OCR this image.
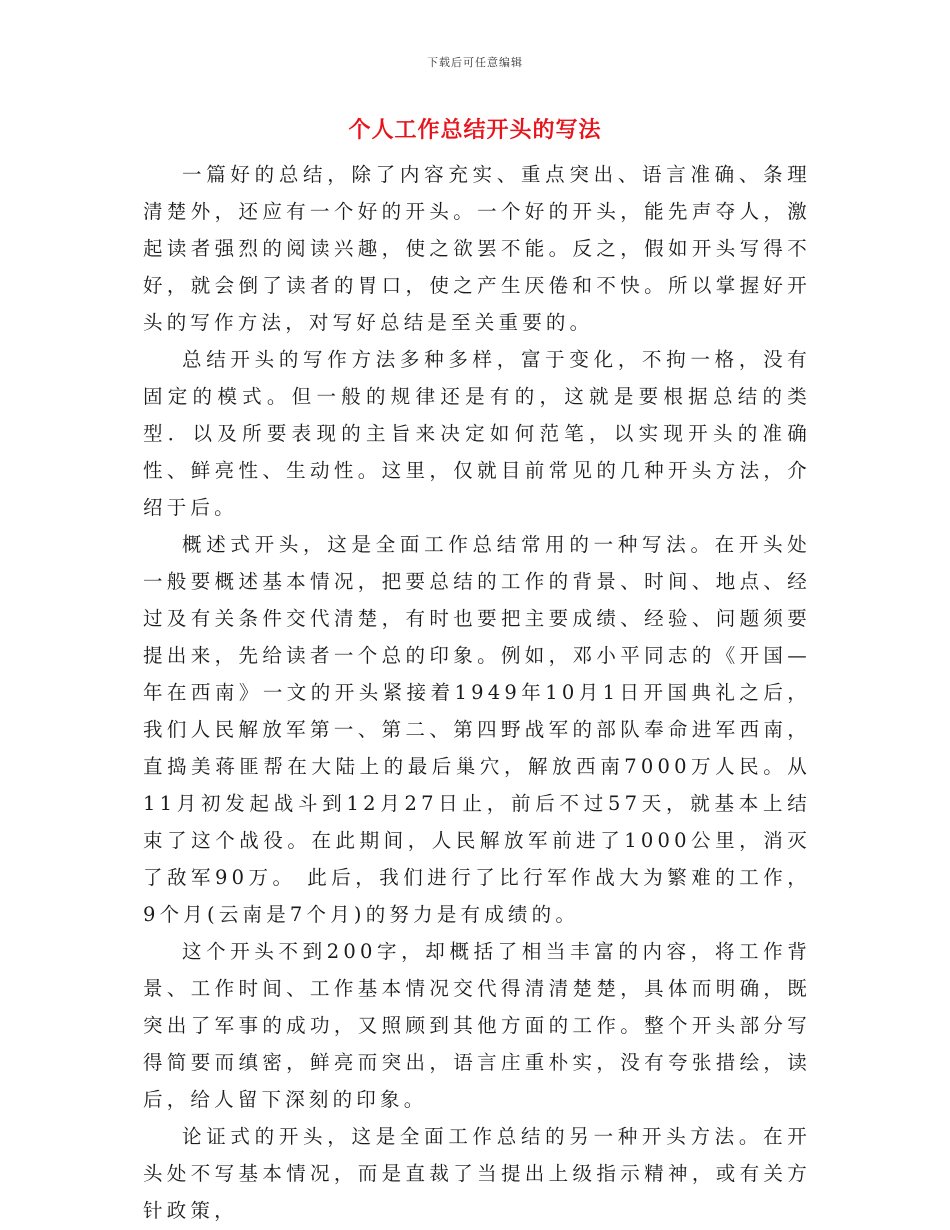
下载后可任意编辑
个人工作总结开头的写法

一篇好的总结，除了内容充实、重点突出、语言准确、条理清楚外，还应有一个好的开头。一个好的开头，能先声夺人，激起读者强烈的阅读兴趣，使之欲罢不能。反之，假如开头写得不好，就会倒了读者的胃口，使之产生厌倦和不快。所以掌握好开头的写作方法，对写好总结是至关重要的。

总结开头的写作方法多种多样，富于变化，不拘一格，没有固定的模式。但一般的规律还是有的，这就是要根据总结的类型．以及所要表现的主旨来决定如何范笔，以实现开头的准确性、鲜亮性、生动性。这里，仅就目前常见的几种开头方法，介绍于后。

概述式开头，这是全面工作总结常用的一种写法。在开头处一般要概述基本情况，把要总结的工作的背景、时间、地点、经过及有关条件交代清楚，有时也要把主要成绩、经验、问题须要提出来，先给读者一个总的印象。例如，邓小平同志的《开国—年在西南》一文的开头紧接着1949年10月1日开国典礼之后，我们人民解放军第一、第二、第四野战军的部队奉命进军西南，直捣美蒋匪帮在大陆上的最后巢穴，解放西南7000万人民。从11月初发起战斗到12月27日止，前后不过57天，就基本上结束了这个战役。在此期间，人民解放军前进了1000公里，消灭了敌军90万。 此后，我们进行了比行军作战大为繁难的工作，9个月(云南是7个月)的努力是有成绩的。

这个开头不到200字，却概括了相当丰富的内容，将工作背景、工作时间、工作基本情况交代得清清楚楚，具体而明确，既突出了军事的成功，又照顾到其他方面的工作。整个开头部分写得简要而缜密，鲜亮而突出，语言庄重朴实，没有夸张措绘，读后，给人留下深刻的印象。

论证式的开头，这是全面工作总结的另一种开头方法。在开头处不写基本情况，而是直裁了当提出上级指示精神，或有关方针政策，
